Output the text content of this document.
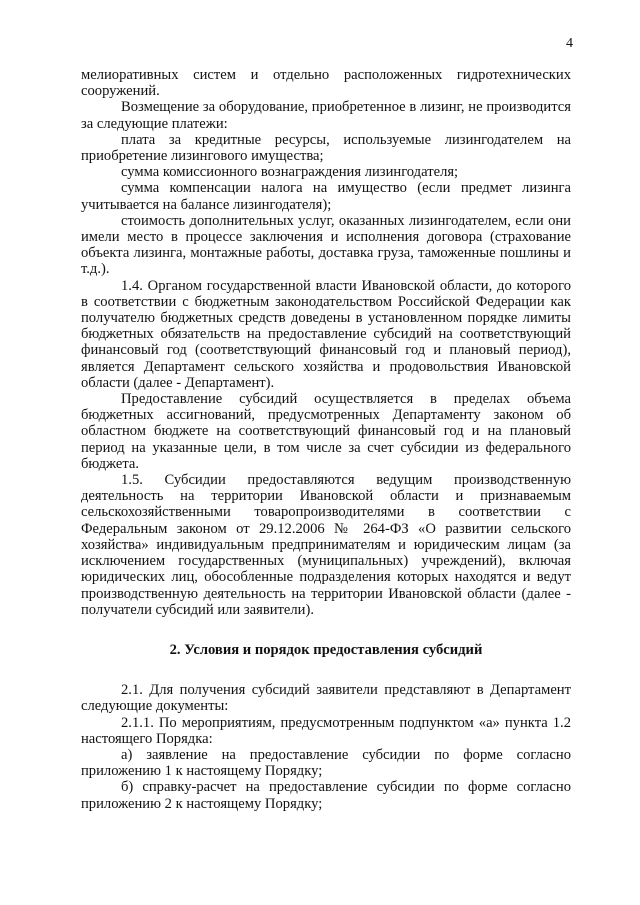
4

мелиоративных систем и отдельно расположенных гидротехнических сооружений.

Возмещение за оборудование, приобретенное в лизинг, не производится за следующие платежи:

плата за кредитные ресурсы, используемые лизингодателем на приобретение лизингового имущества;

сумма комиссионного вознаграждения лизингодателя;

сумма компенсации налога на имущество (если предмет лизинга учитывается на балансе лизингодателя);

стоимость дополнительных услуг, оказанных лизингодателем, если они имели место в процессе заключения и исполнения договора (страхование объекта лизинга, монтажные работы, доставка груза, таможенные пошлины и т.д.).

1.4. Органом государственной власти Ивановской области, до которого в соответствии с бюджетным законодательством Российской Федерации как получателю бюджетных средств доведены в установленном порядке лимиты бюджетных обязательств на предоставление субсидий на соответствующий финансовый год (соответствующий финансовый год и плановый период), является Департамент сельского хозяйства и продовольствия Ивановской области (далее - Департамент).

Предоставление субсидий осуществляется в пределах объема бюджетных ассигнований, предусмотренных Департаменту законом об областном бюджете на соответствующий финансовый год и на плановый период на указанные цели, в том числе за счет субсидии из федерального бюджета.

1.5. Субсидии предоставляются ведущим производственную деятельность на территории Ивановской области и признаваемым сельскохозяйственными товаропроизводителями в соответствии с Федеральным законом от 29.12.2006 № 264-ФЗ «О развитии сельского хозяйства» индивидуальным предпринимателям и юридическим лицам (за исключением государственных (муниципальных) учреждений), включая юридических лиц, обособленные подразделения которых находятся и ведут производственную деятельность на территории Ивановской области (далее - получатели субсидий или заявители).

2. Условия и порядок предоставления субсидий

2.1. Для получения субсидий заявители представляют в Департамент следующие документы:

2.1.1. По мероприятиям, предусмотренным подпунктом «а» пункта 1.2 настоящего Порядка:

а) заявление на предоставление субсидии по форме согласно приложению 1 к настоящему Порядку;

б) справку-расчет на предоставление субсидии по форме согласно приложению 2 к настоящему Порядку;
